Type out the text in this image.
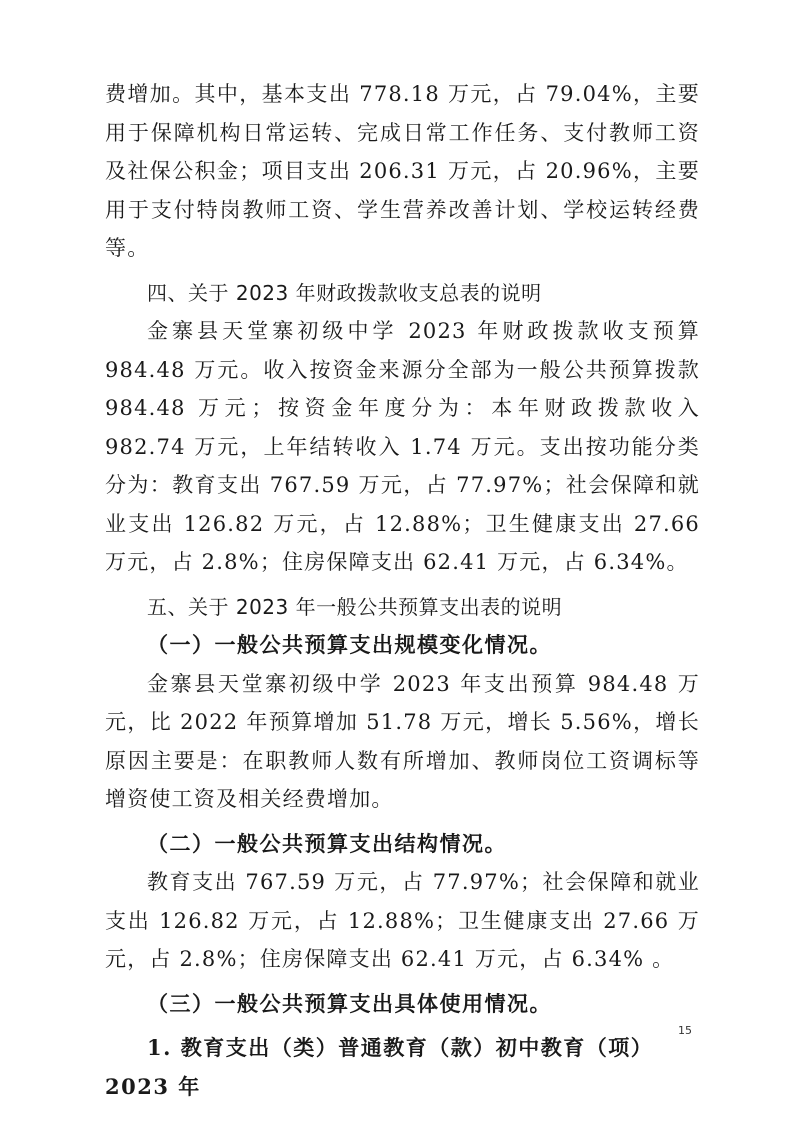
费增加。其中，基本支出 778.18 万元，占 79.04%，主要用于保障机构日常运转、完成日常工作任务、支付教师工资及社保公积金；项目支出 206.31 万元，占 20.96%，主要用于支付特岗教师工资、学生营养改善计划、学校运转经费等。

四、关于 2023 年财政拨款收支总表的说明

金寨县天堂寨初级中学 2023 年财政拨款收支预算 984.48 万元。收入按资金来源分全部为一般公共预算拨款 984.48 万元；按资金年度分为：本年财政拨款收入 982.74 万元，上年结转收入 1.74 万元。支出按功能分类分为：教育支出 767.59 万元，占 77.97%；社会保障和就业支出 126.82 万元，占 12.88%；卫生健康支出 27.66 万元，占 2.8%；住房保障支出 62.41 万元，占 6.34%。

五、关于 2023 年一般公共预算支出表的说明

（一）一般公共预算支出规模变化情况。

金寨县天堂寨初级中学 2023 年支出预算 984.48 万元，比 2022 年预算增加 51.78 万元，增长 5.56%，增长原因主要是：在职教师人数有所增加、教师岗位工资调标等增资使工资及相关经费增加。

（二）一般公共预算支出结构情况。

教育支出 767.59 万元，占 77.97%；社会保障和就业支出 126.82 万元，占 12.88%；卫生健康支出 27.66 万元，占 2.8%；住房保障支出 62.41 万元，占 6.34% 。

（三）一般公共预算支出具体使用情况。

1. 教育支出（类）普通教育（款）初中教育（项）2023 年

15
